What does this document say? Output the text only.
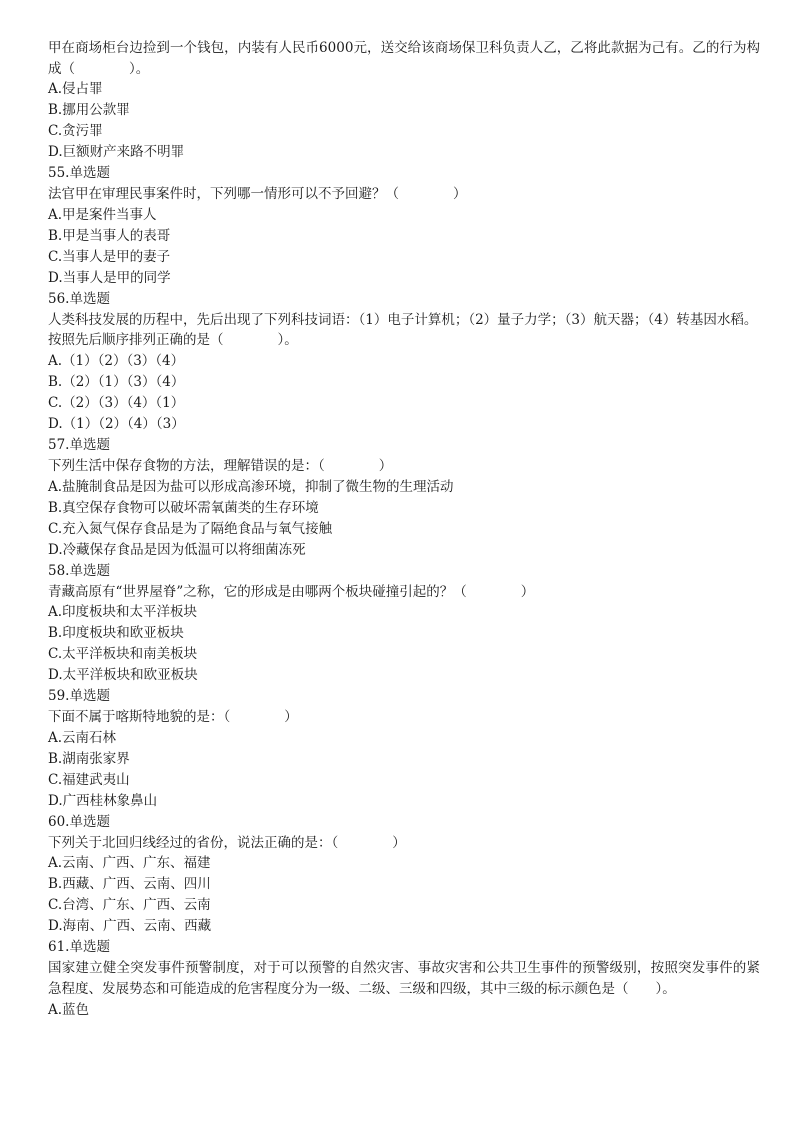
甲在商场柜台边捡到一个钱包，内装有人民币6000元，送交给该商场保卫科负责人乙，乙将此款据为己有。乙的行为构成（　　　　）。
A.侵占罪
B.挪用公款罪
C.贪污罪
D.巨额财产来路不明罪
55.单选题
法官甲在审理民事案件时，下列哪一情形可以不予回避？（　　　　）
A.甲是案件当事人
B.甲是当事人的表哥
C.当事人是甲的妻子
D.当事人是甲的同学
56.单选题
人类科技发展的历程中，先后出现了下列科技词语：（1）电子计算机；（2）量子力学；（3）航天器；（4）转基因水稻。
按照先后顺序排列正确的是（　　　　）。
A.（1）（2）（3）（4）
B.（2）（1）（3）（4）
C.（2）（3）（4）（1）
D.（1）（2）（4）（3）
57.单选题
下列生活中保存食物的方法，理解错误的是：（　　　　）
A.盐腌制食品是因为盐可以形成高渗环境，抑制了微生物的生理活动
B.真空保存食物可以破坏需氧菌类的生存环境
C.充入氮气保存食品是为了隔绝食品与氧气接触
D.冷藏保存食品是因为低温可以将细菌冻死
58.单选题
青藏高原有“世界屋脊”之称，它的形成是由哪两个板块碰撞引起的？（　　　　）
A.印度板块和太平洋板块
B.印度板块和欧亚板块
C.太平洋板块和南美板块
D.太平洋板块和欧亚板块
59.单选题
下面不属于喀斯特地貌的是：（　　　　）
A.云南石林
B.湖南张家界
C.福建武夷山
D.广西桂林象鼻山
60.单选题
下列关于北回归线经过的省份，说法正确的是：（　　　　）
A.云南、广西、广东、福建
B.西藏、广西、云南、四川
C.台湾、广东、广西、云南
D.海南、广西、云南、西藏
61.单选题
国家建立健全突发事件预警制度，对于可以预警的自然灾害、事故灾害和公共卫生事件的预警级别，按照突发事件的紧急程度、发展势态和可能造成的危害程度分为一级、二级、三级和四级，其中三级的标示颜色是（　　）。
A.蓝色
